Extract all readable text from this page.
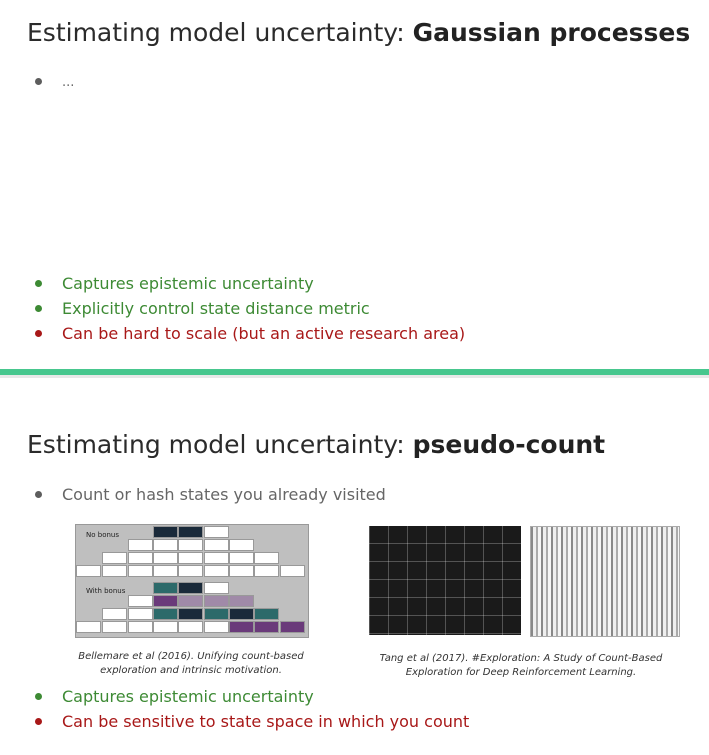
Estimating model uncertainty: Gaussian processes
...
Captures epistemic uncertainty
Explicitly control state distance metric
Can be hard to scale (but an active research area)
Estimating model uncertainty: pseudo-count
Count or hash states you already visited
No bonus
With bonus
Bellemare et al (2016). Unifying count-based
exploration and intrinsic motivation.
Tang et al (2017). #Exploration: A Study of Count-Based
Exploration for Deep Reinforcement Learning.
Captures epistemic uncertainty
Can be sensitive to state space in which you count
